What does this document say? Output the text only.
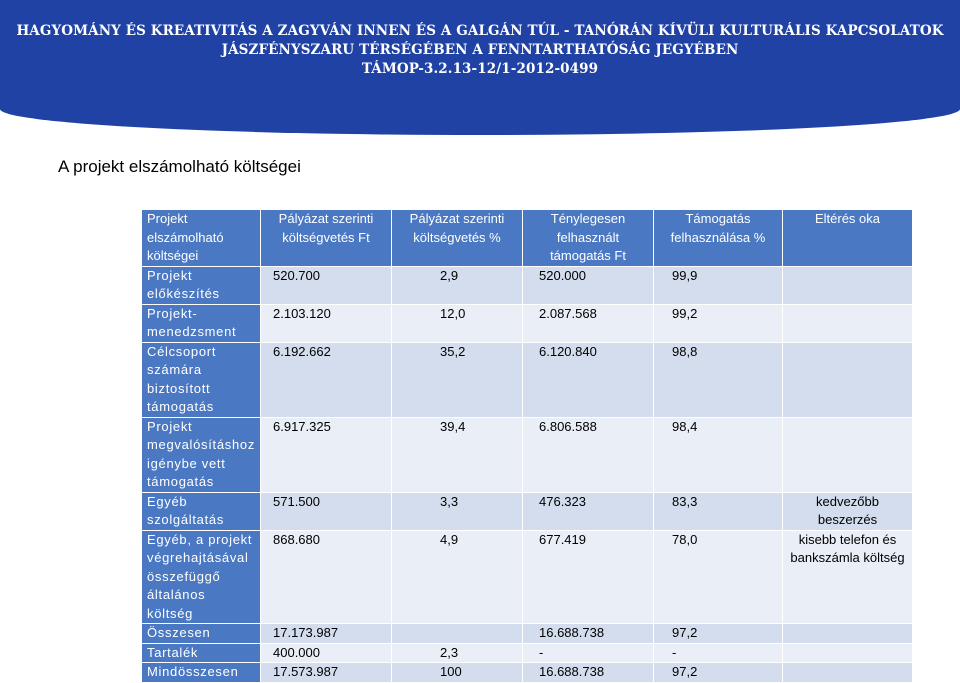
HAGYOMÁNY ÉS KREATIVITÁS A ZAGYVÁN INNEN ÉS A GALGÁN TÚL - TANÓRÁN KÍVÜLI KULTURÁLIS KAPCSOLATOK
JÁSZFÉNYSZARU TÉRSÉGÉBEN A FENNTARTHATÓSÁG JEGYÉBEN
TÁMOP-3.2.13-12/1-2012-0499
A projekt elszámolható költségei
Projekt elszámolható költségei	Pályázat szerinti költségvetés Ft	Pályázat szerinti költségvetés %	Ténylegesen felhasznált támogatás Ft	Támogatás felhasználása %	Eltérés oka
Projekt előkészítés	520.700	2,9	520.000	99,9	
Projekt-menedzsment	2.103.120	12,0	2.087.568	99,2	
Célcsoport számára biztosított támogatás	6.192.662	35,2	6.120.840	98,8	
Projekt megvalósításhoz igénybe vett támogatás	6.917.325	39,4	6.806.588	98,4	
Egyéb szolgáltatás	571.500	3,3	476.323	83,3	kedvezőbb beszerzés
Egyéb, a projekt végrehajtásával összefüggő általános költség	868.680	4,9	677.419	78,0	kisebb telefon és bankszámla költség
Összesen	17.173.987		16.688.738	97,2	
Tartalék	400.000	2,3	-	-	
Mindösszesen	17.573.987	100	16.688.738	97,2	
